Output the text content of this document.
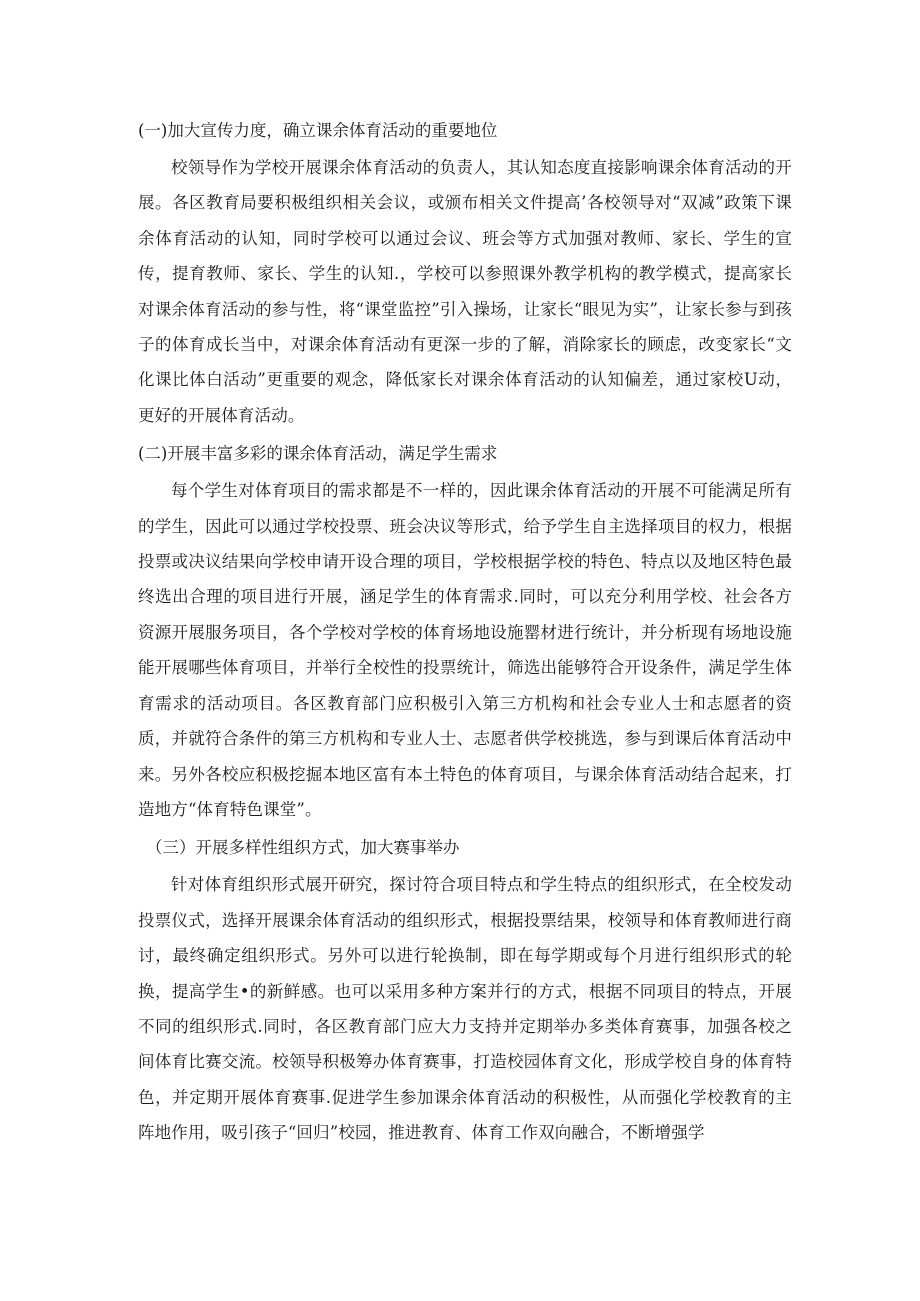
(一)加大宣传力度，确立课余体育活动的重要地位

校领导作为学校开展课余体育活动的负责人，其认知态度直接影响课余体育活动的开展。各区教育局要积极组织相关会议，或颁布相关文件提高’各校领导对“双减”政策下课余体育活动的认知，同时学校可以通过会议、班会等方式加强对教师、家长、学生的宣传，提育教师、家长、学生的认知.，学校可以参照课外教学机构的教学模式，提高家长对课余体育活动的参与性，将“课堂监控”引入操场，让家长“眼见为实”，让家长参与到孩子的体育成长当中，对课余体育活动有更深一步的了解，消除家长的顾虑，改变家长“文化课比体白活动”更重要的观念，降低家长对课余体育活动的认知偏差，通过家校U动，更好的开展体育活动。

(二)开展丰富多彩的课余体育活动，满足学生需求

每个学生对体育项目的需求都是不一样的，因此课余体育活动的开展不可能满足所有的学生，因此可以通过学校投票、班会决议等形式，给予学生自主选择项目的权力，根据投票或决议结果向学校申请开设合理的项目，学校根据学校的特色、特点以及地区特色最终选出合理的项目进行开展，涵足学生的体育需求.同时，可以充分利用学校、社会各方资源开展服务项目，各个学校对学校的体育场地设施罂材进行统计，并分析现有场地设施能开展哪些体育项目，并举行全校性的投票统计，筛选出能够符合开设条件，满足学生体育需求的活动项目。各区教育部门应积极引入第三方机构和社会专业人士和志愿者的资质，并就符合条件的第三方机构和专业人士、志愿者供学校挑选，参与到课后体育活动中来。另外各校应积极挖掘本地区富有本土特色的体育项目，与课余体育活动结合起来，打造地方“体育特色课堂”。

（三）开展多样性组织方式，加大赛事举办

针对体育组织形式展开研究，探讨符合项目特点和学生特点的组织形式，在全校发动投票仪式，选择开展课余体育活动的组织形式，根据投票结果，校领导和体育教师进行商讨，最终确定组织形式。另外可以进行轮换制，即在每学期或每个月进行组织形式的轮换，提高学生•的新鲜感。也可以采用多种方案并行的方式，根据不同项目的特点，开展不同的组织形式.同时，各区教育部门应大力支持并定期举办多类体育赛事，加强各校之间体育比赛交流。校领导积极筹办体育赛事，打造校园体育文化，形成学校自身的体育特色，并定期开展体育赛事.促进学生参加课余体育活动的积极性，从而强化学校教育的主阵地作用，吸引孩子“回归”校园，推进教育、体育工作双向融合，不断增强学
